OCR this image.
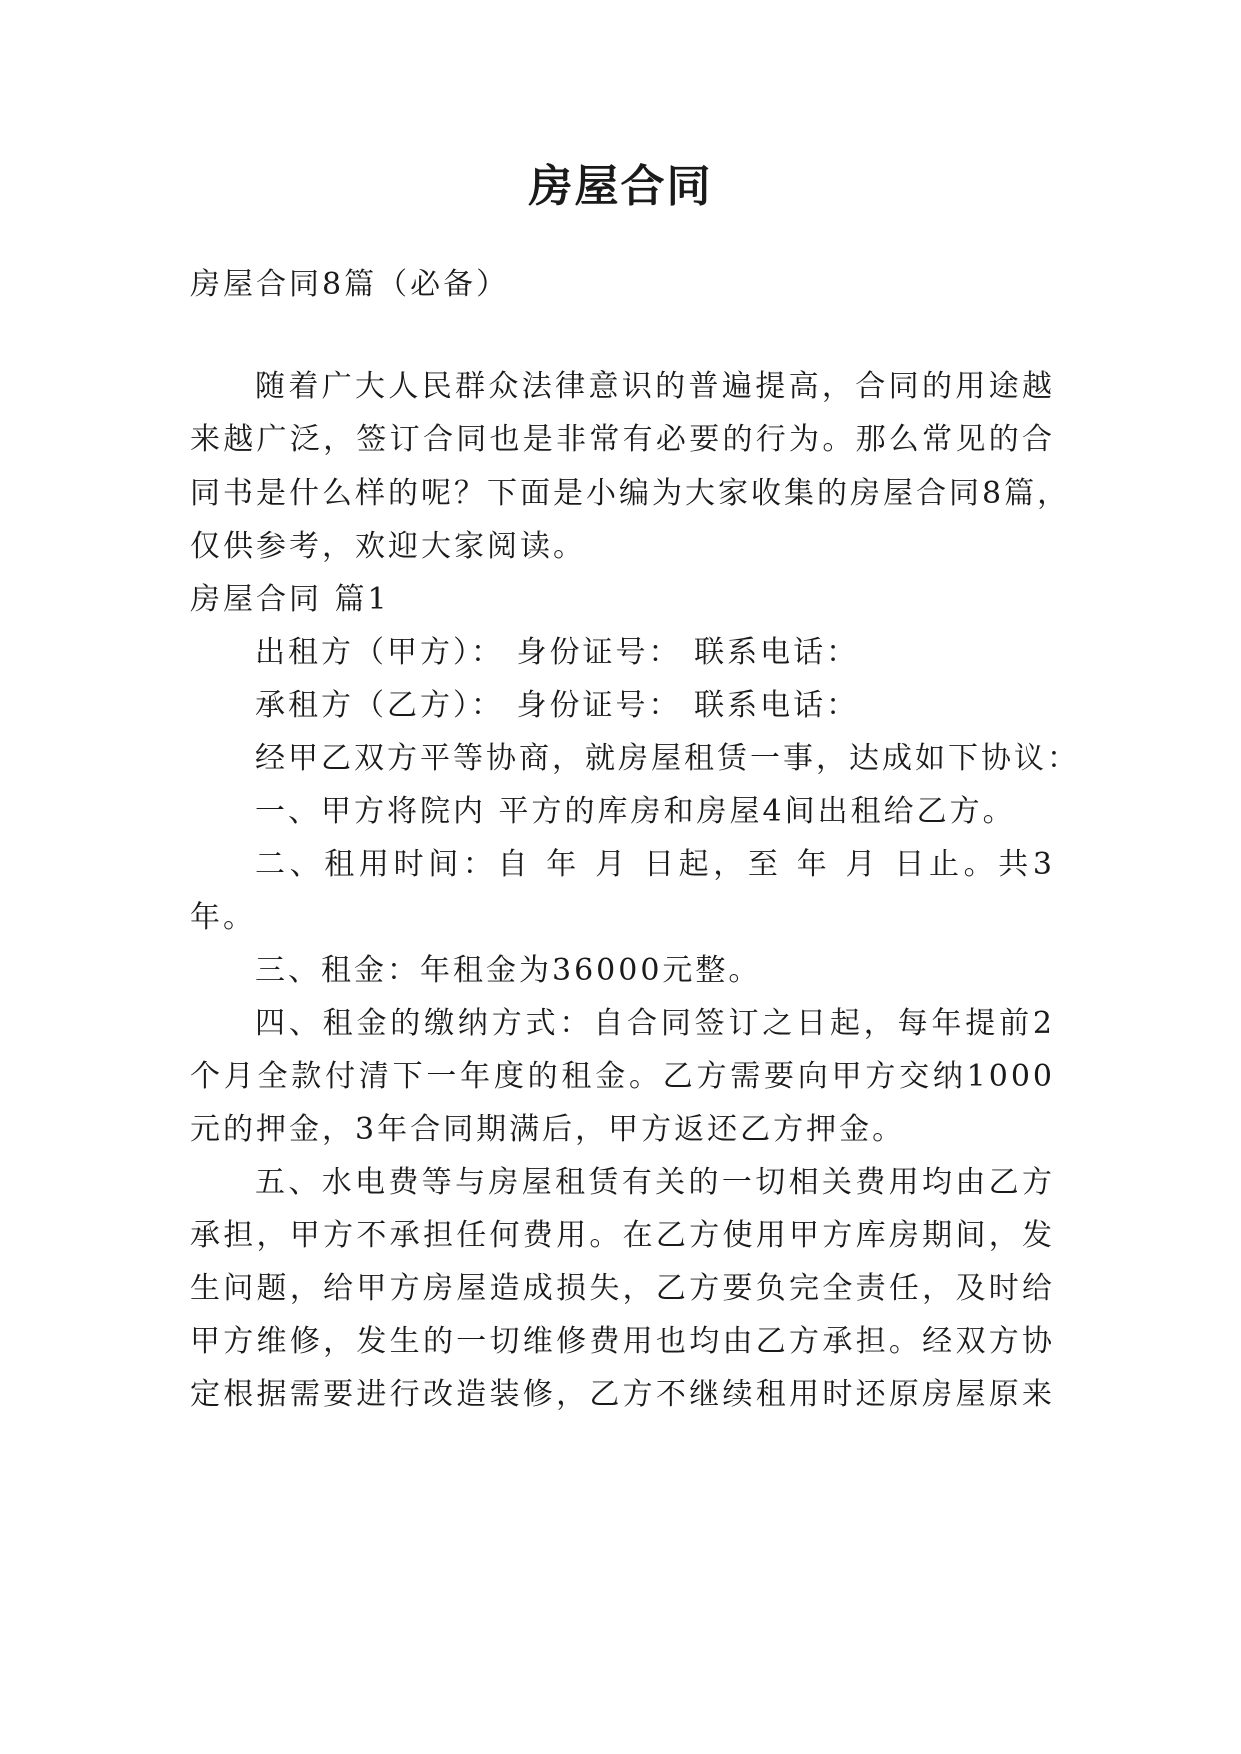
房屋合同

房屋合同8篇（必备）

随着广大人民群众法律意识的普遍提高，合同的用途越

来越广泛，签订合同也是非常有必要的行为。那么常见的合

同书是什么样的呢？下面是小编为大家收集的房屋合同8篇，

仅供参考，欢迎大家阅读。

房屋合同 篇1

出租方（甲方）： 身份证号： 联系电话：

承租方（乙方）： 身份证号： 联系电话：

经甲乙双方平等协商，就房屋租赁一事，达成如下协议：

一、甲方将院内 平方的库房和房屋4间出租给乙方。

二、租用时间：自 年 月 日起，至 年 月 日止。共3

年。

三、租金：年租金为36000元整。

四、租金的缴纳方式：自合同签订之日起，每年提前2

个月全款付清下一年度的租金。乙方需要向甲方交纳1000

元的押金，3年合同期满后，甲方返还乙方押金。

五、水电费等与房屋租赁有关的一切相关费用均由乙方

承担，甲方不承担任何费用。在乙方使用甲方库房期间，发

生问题，给甲方房屋造成损失，乙方要负完全责任，及时给

甲方维修，发生的一切维修费用也均由乙方承担。经双方协

定根据需要进行改造装修，乙方不继续租用时还原房屋原来
